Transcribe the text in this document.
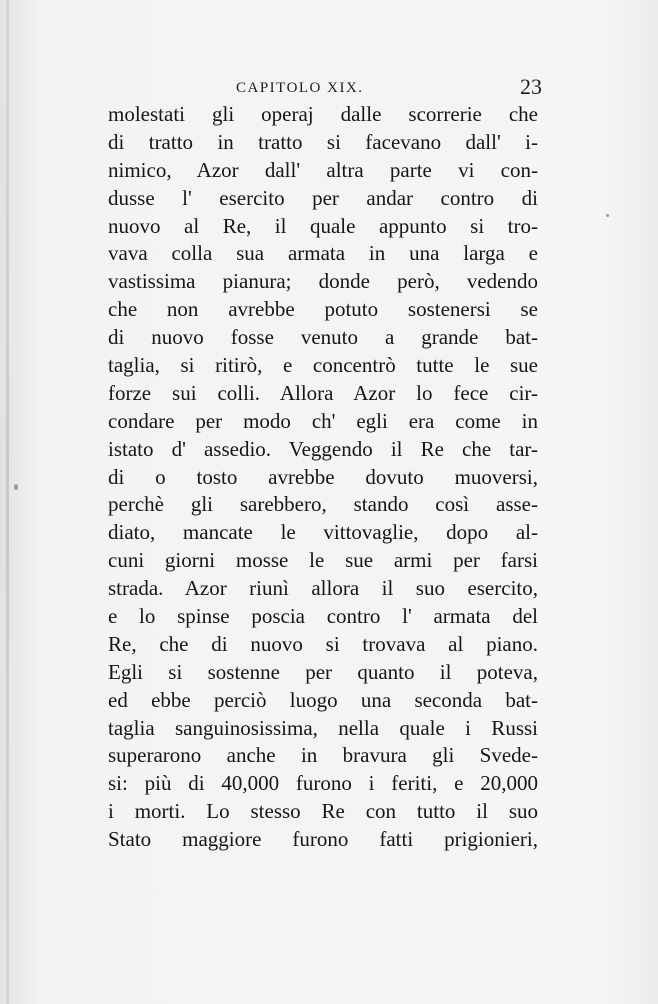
CAPITOLO XIX.	23
molestati gli operaj dalle scorrerie che
di tratto in tratto si facevano dall' i-
nimico, Azor dall' altra parte vi con-
dusse l' esercito per andar contro di
nuovo al Re, il quale appunto si tro-
vava colla sua armata in una larga e
vastissima pianura; donde però, vedendo
che non avrebbe potuto sostenersi se
di nuovo fosse venuto a grande bat-
taglia, si ritirò, e concentrò tutte le sue
forze sui colli. Allora Azor lo fece cir-
condare per modo ch' egli era come in
istato d' assedio. Veggendo il Re che tar-
di o tosto avrebbe dovuto muoversi,
perchè gli sarebbero, stando così asse-
diato, mancate le vittovaglie, dopo al-
cuni giorni mosse le sue armi per farsi
strada. Azor riunì allora il suo esercito,
e lo spinse poscia contro l' armata del
Re, che di nuovo si trovava al piano.
Egli si sostenne per quanto il poteva,
ed ebbe perciò luogo una seconda bat-
taglia sanguinosissima, nella quale i Russi
superarono anche in bravura gli Svede-
si: più di 40,000 furono i feriti, e 20,000
i morti. Lo stesso Re con tutto il suo
Stato maggiore furono fatti prigionieri,
